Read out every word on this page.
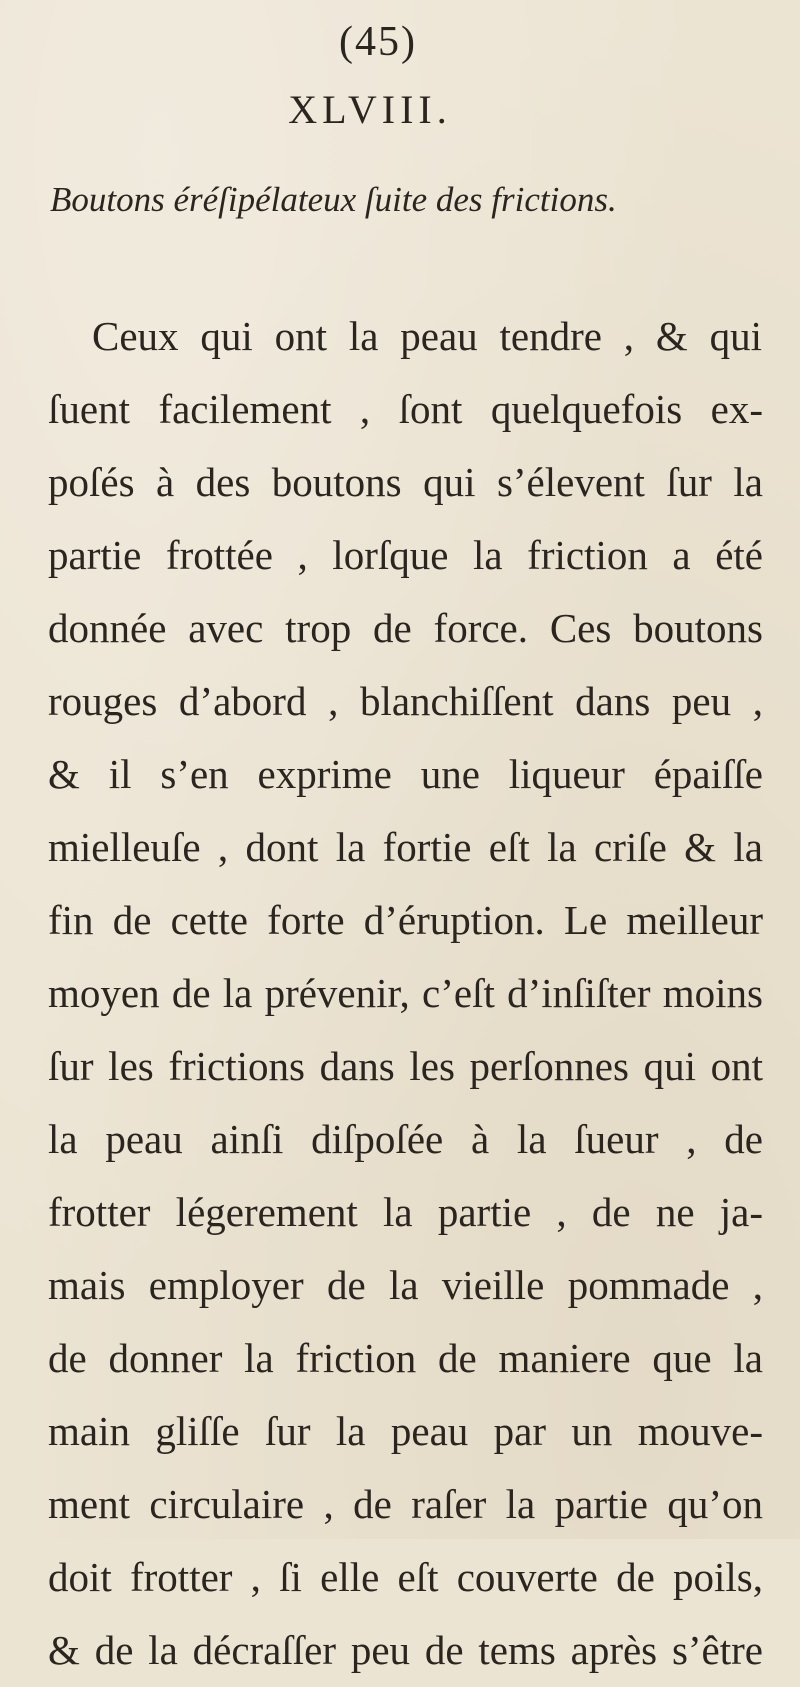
(45)
XLVIII.
Boutons éréſipélateux ſuite des frictions.
Ceux qui ont la peau tendre , & qui
ſuent facilement , ſont quelquefois ex-
poſés à des boutons qui s’élevent ſur la
partie frottée , lorſque la friction a été
donnée avec trop de force. Ces boutons
rouges d’abord , blanchiſſent dans peu ,
& il s’en exprime une liqueur épaiſſe
mielleuſe , dont la fortie eſt la criſe & la
fin de cette forte d’éruption. Le meilleur
moyen de la prévenir, c’eſt d’inſiſter moins
ſur les frictions dans les perſonnes qui ont
la peau ainſi diſpoſée à la ſueur , de
frotter légerement la partie , de ne ja-
mais employer de la vieille pommade ,
de donner la friction de maniere que la
main gliſſe ſur la peau par un mouve-
ment circulaire , de raſer la partie qu’on
doit frotter , ſi elle eſt couverte de poils,
& de la décraſſer peu de tems après s’être
